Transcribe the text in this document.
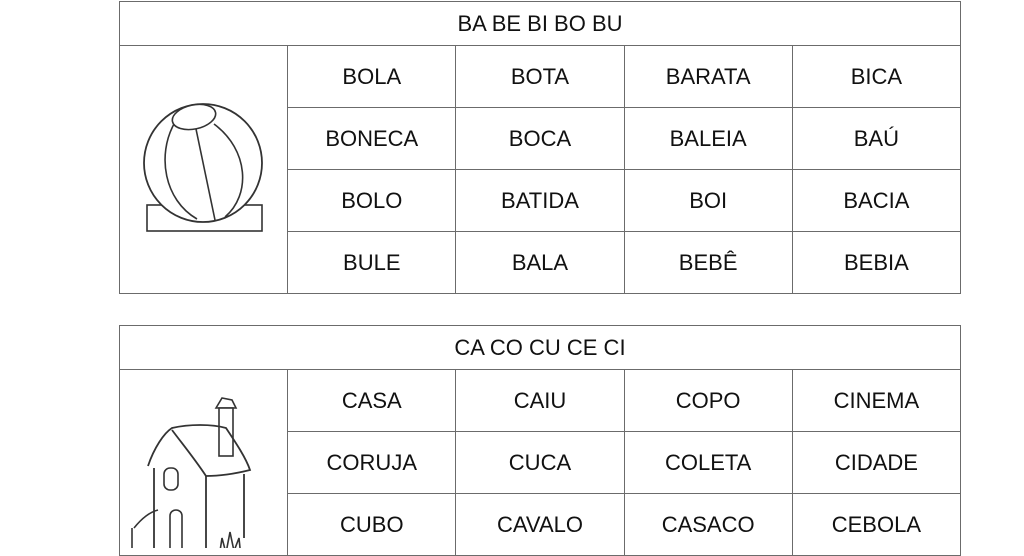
BA BE BI BO BU				

	BOLA	BOTA	BARATA	BICA
	BONECA	BOCA	BALEIA	BAÚ
	BOLO	BATIDA	BOI	BACIA
	BULE	BALA	BEBÊ	BEBIA
CA CO CU CE CI				

	CASA	CAIU	COPO	CINEMA
	CORUJA	CUCA	COLETA	CIDADE
	CUBO	CAVALO	CASACO	CEBOLA
